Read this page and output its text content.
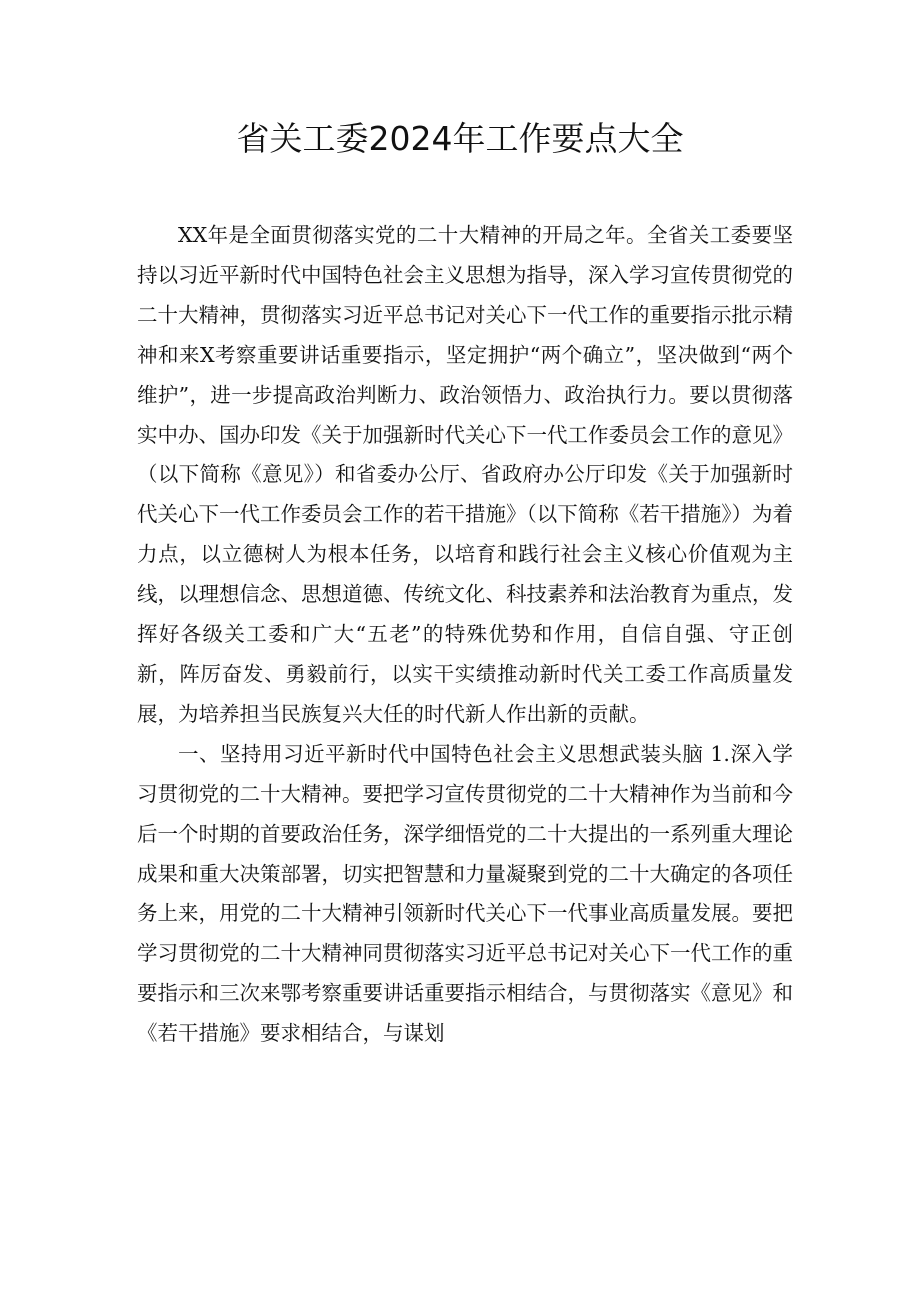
省关工委2024年工作要点大全

XX年是全面贯彻落实党的二十大精神的开局之年。全省关工委要坚持以习近平新时代中国特色社会主义思想为指导，深入学习宣传贯彻党的二十大精神，贯彻落实习近平总书记对关心下一代工作的重要指示批示精神和来X考察重要讲话重要指示，坚定拥护“两个确立”，坚决做到“两个维护”，进一步提高政治判断力、政治领悟力、政治执行力。要以贯彻落实中办、国办印发《关于加强新时代关心下一代工作委员会工作的意见》（以下简称《意见》）和省委办公厅、省政府办公厅印发《关于加强新时代关心下一代工作委员会工作的若干措施》（以下简称《若干措施》）为着力点，以立德树人为根本任务，以培育和践行社会主义核心价值观为主线，以理想信念、思想道德、传统文化、科技素养和法治教育为重点，发挥好各级关工委和广大“五老”的特殊优势和作用，自信自强、守正创新，阵厉奋发、勇毅前行，以实干实绩推动新时代关工委工作高质量发展，为培养担当民族复兴大任的时代新人作出新的贡献。

一、坚持用习近平新时代中国特色社会主义思想武装头脑 1.深入学习贯彻党的二十大精神。要把学习宣传贯彻党的二十大精神作为当前和今后一个时期的首要政治任务，深学细悟党的二十大提出的一系列重大理论成果和重大决策部署，切实把智慧和力量凝聚到党的二十大确定的各项任务上来，用党的二十大精神引领新时代关心下一代事业高质量发展。要把学习贯彻党的二十大精神同贯彻落实习近平总书记对关心下一代工作的重要指示和三次来鄂考察重要讲话重要指示相结合，与贯彻落实《意见》和《若干措施》要求相结合，与谋划
